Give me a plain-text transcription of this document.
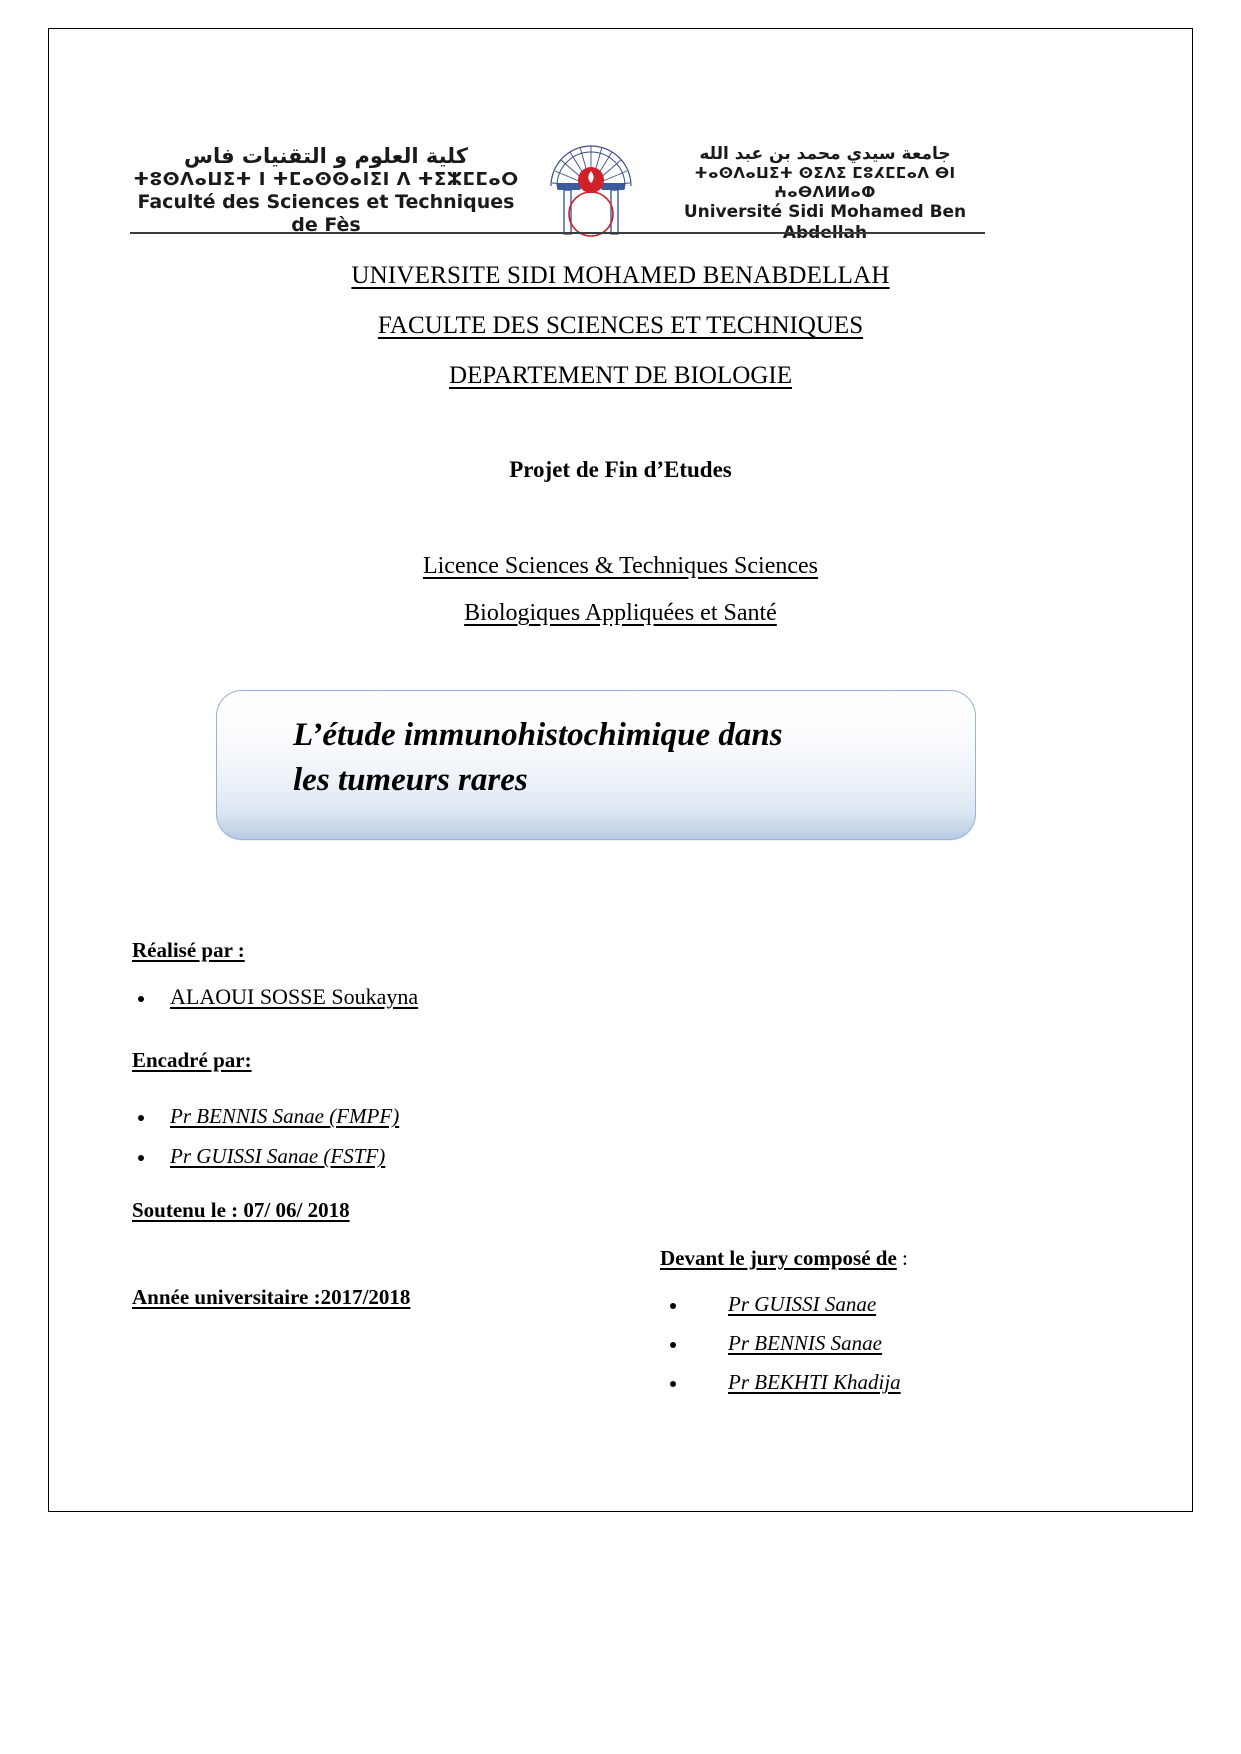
كلية العلوم و التقنيات فاس
ⵜⵓⵙⴷⴰⵡⵉⵜ ⵏ ⵜⵎⴰⵙⵙⴰⵏⵉⵏ ⴷ ⵜⵉⵣⵎⵎⴰⵔ
Faculté des Sciences et Techniques de Fès
جامعة سيدي محمد بن عبد الله
ⵜⴰⵙⴷⴰⵡⵉⵜ ⵙⵉⴷⵉ ⵎⵓⵃⵎⵎⴰⴷ ⴱⵏ ⵄⴰⴱⴷⵍⵍⴰⵀ
Université Sidi Mohamed Ben Abdellah
UNIVERSITE SIDI MOHAMED BENABDELLAH
FACULTE DES SCIENCES ET TECHNIQUES
DEPARTEMENT DE BIOLOGIE
Projet de Fin d’Etudes
Licence Sciences & Techniques Sciences
Biologiques Appliquées et Santé
L’étude immunohistochimique dans
les tumeurs rares
Réalisé par :
ALAOUI SOSSE Soukayna
Encadré par:
Pr BENNIS Sanae (FMPF)
Pr GUISSI Sanae (FSTF)
Soutenu le : 07/ 06/ 2018
Année universitaire :2017/2018
Devant le jury composé de :
Pr GUISSI Sanae
Pr BENNIS Sanae
Pr BEKHTI Khadija
